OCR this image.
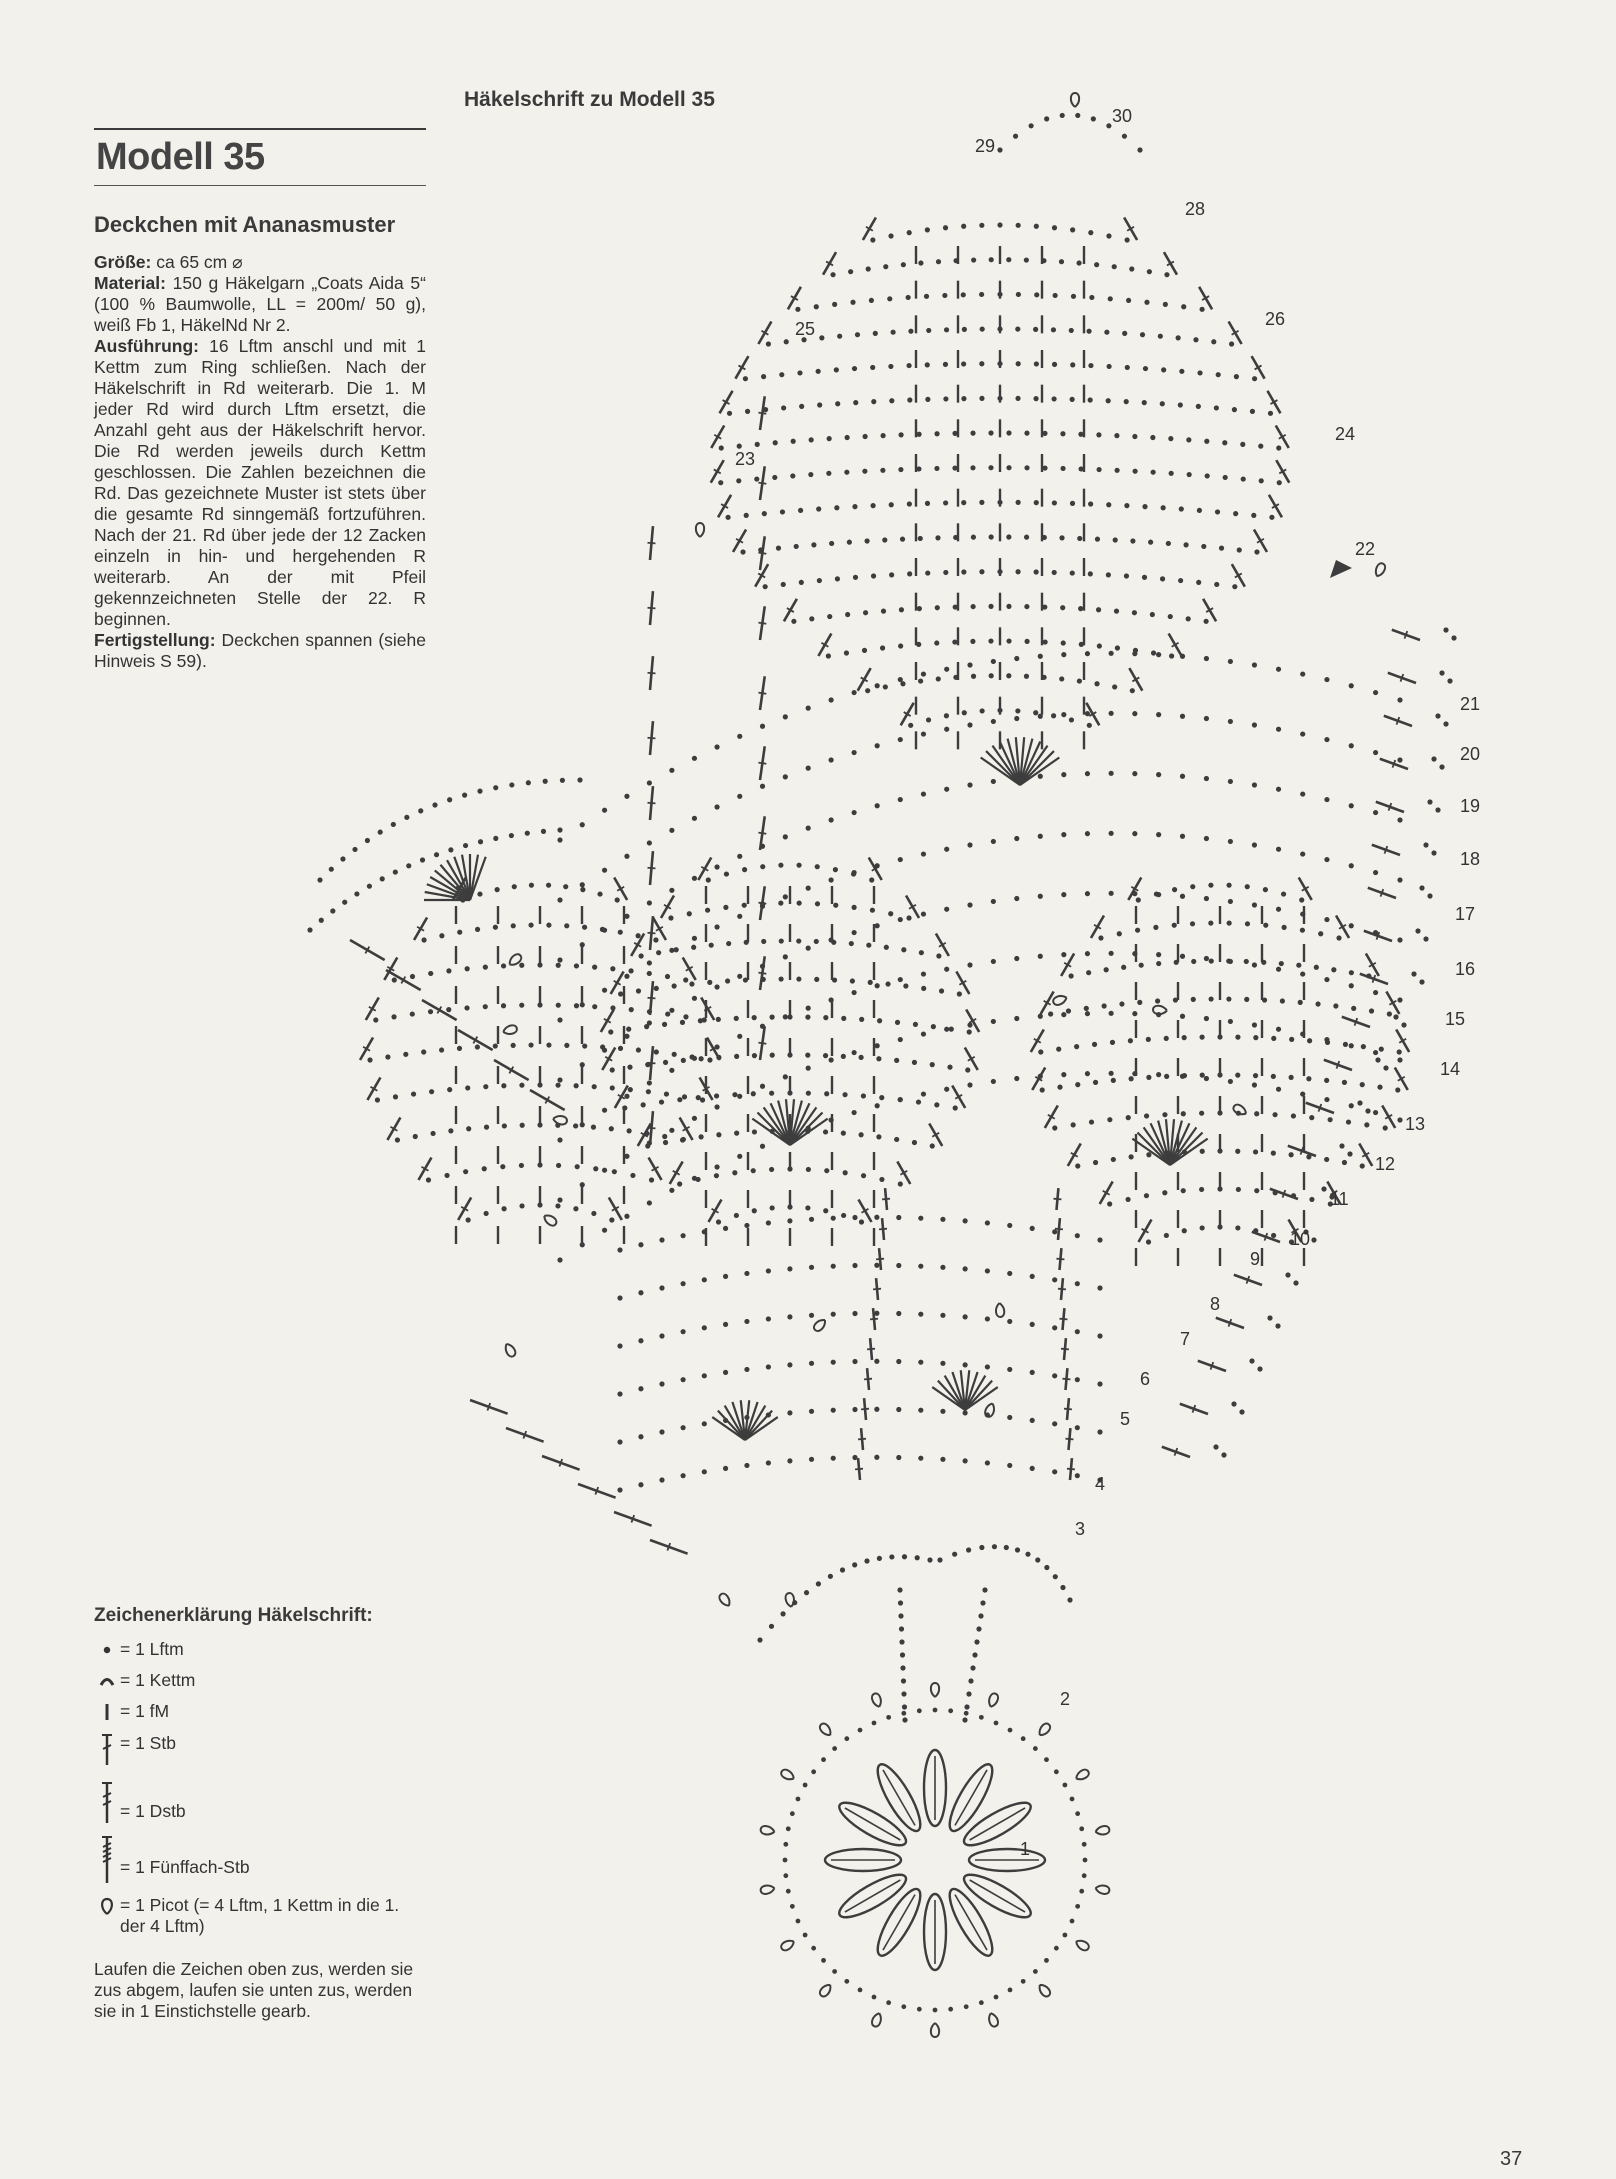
Modell 35
Deckchen mit Ananasmuster

Größe: ca 65 cm ⌀

Material: 150 g Häkelgarn „Coats Aida 5“ (100 % Baumwolle, LL = 200m/ 50 g), weiß Fb 1, HäkelNd Nr 2.

Ausführung: 16 Lftm anschl und mit 1 Kettm zum Ring schließen. Nach der Häkelschrift in Rd weiterarb. Die 1. M jeder Rd wird durch Lftm ersetzt, die Anzahl geht aus der Häkelschrift hervor. Die Rd werden jeweils durch Kettm geschlossen. Die Zahlen bezeichnen die Rd. Das gezeichnete Muster ist stets über die gesamte Rd sinngemäß fortzuführen. Nach der 21. Rd über jede der 12 Zacken einzeln in hin- und hergehenden R weiterarb. An der mit Pfeil gekennzeichneten Stelle der 22. R beginnen.

Fertigstellung: Deckchen spannen (siehe Hinweis S 59).

Häkelschrift zu Modell 35
1
2
3
4
5
6
7
8
9
10
11
12
13
14
15
16
17
18
19
20
21
22
23
24
25	26
28
29
30
Zeichenerklärung Häkelschrift:
= 1 Lftm
= 1 Kettm
= 1 fM
= 1 Stb
= 1 Dstb
= 1 Fünffach-Stb
= 1 Picot (= 4 Lftm, 1 Kettm in die 1. der 4 Lftm)
Laufen die Zeichen oben zus, werden sie zus abgem, laufen sie unten zus, werden sie in 1 Einstichstelle gearb.
37
